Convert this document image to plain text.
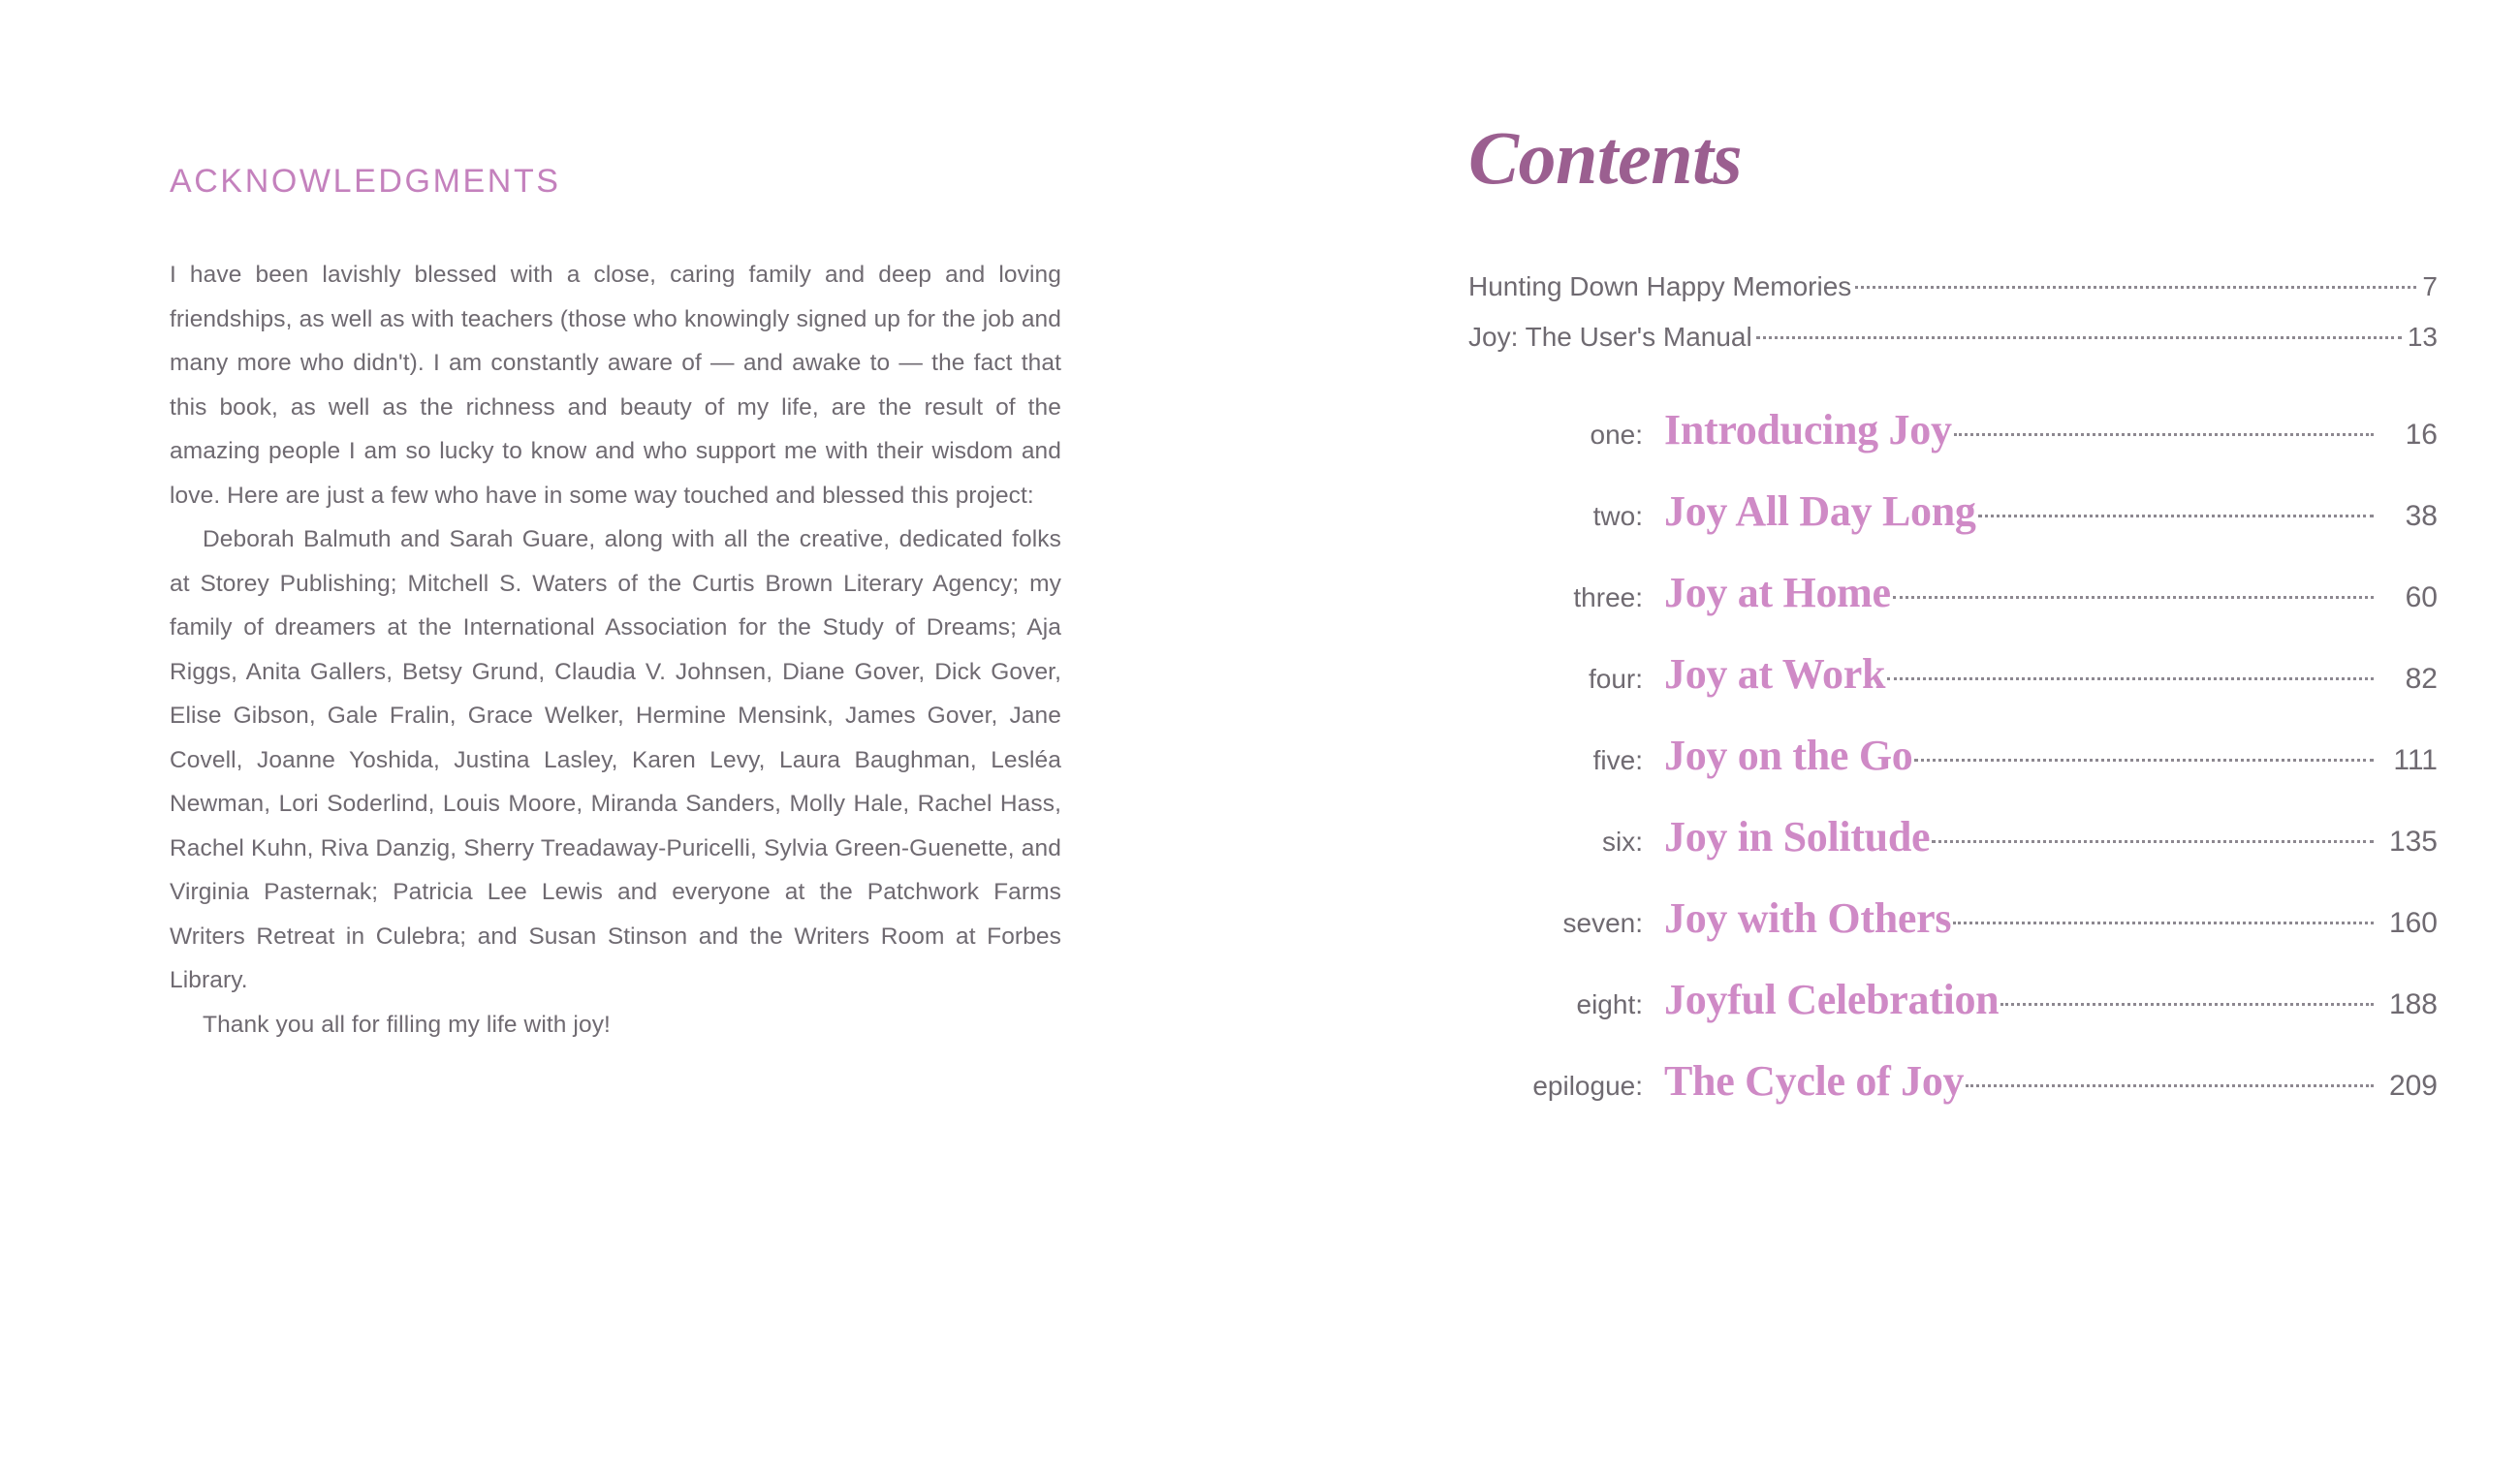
ACKNOWLEDGMENTS

I have been lavishly blessed with a close, caring family and deep and loving friendships, as well as with teachers (those who knowingly signed up for the job and many more who didn't). I am constantly aware of — and awake to — the fact that this book, as well as the richness and beauty of my life, are the result of the amazing people I am so lucky to know and who support me with their wisdom and love. Here are just a few who have in some way touched and blessed this project:

Deborah Balmuth and Sarah Guare, along with all the creative, dedicated folks at Storey Publishing; Mitchell S. Waters of the Curtis Brown Literary Agency; my family of dreamers at the International Association for the Study of Dreams; Aja Riggs, Anita Gallers, Betsy Grund, Claudia V. Johnsen, Diane Gover, Dick Gover, Elise Gibson, Gale Fralin, Grace Welker, Hermine Mensink, James Gover, Jane Covell, Joanne Yoshida, Justina Lasley, Karen Levy, Laura Baughman, Lesléa Newman, Lori Soderlind, Louis Moore, Miranda Sanders, Molly Hale, Rachel Hass, Rachel Kuhn, Riva Danzig, Sherry Treadaway-Puricelli, Sylvia Green-Guenette, and Virginia Pasternak; Patricia Lee Lewis and everyone at the Patchwork Farms Writers Retreat in Culebra; and Susan Stinson and the Writers Room at Forbes Library.

Thank you all for filling my life with joy!

Contents
Hunting Down Happy Memories	7
Joy: The User's Manual	13
one: Introducing Joy	16
two: Joy All Day Long	38
three: Joy at Home	60
four: Joy at Work	82
five: Joy on the Go	111
six: Joy in Solitude	135
seven: Joy with Others	160
eight: Joyful Celebration	188
epilogue: The Cycle of Joy	209
